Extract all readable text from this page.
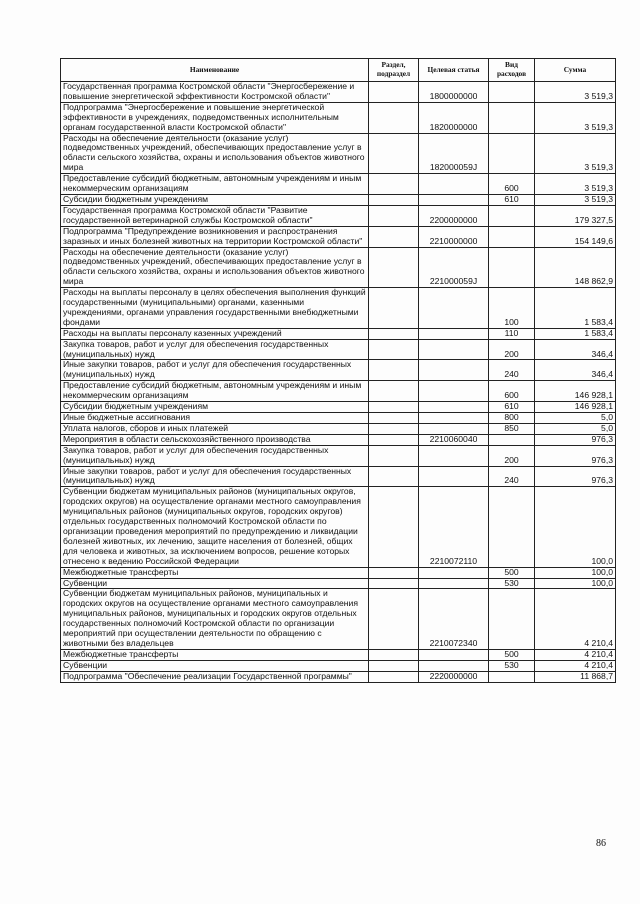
Наименование	Раздел, подраздел	Целевая статья	Вид расходов	Сумма
Государственная программа Костромской области "Энергосбережение и повышение энергетической эффективности Костромской области"		1800000000		3 519,3
Подпрограмма "Энергосбережение и повышение энергетической эффективности в учреждениях, подведомственных исполнительным органам государственной власти Костромской области"		1820000000		3 519,3
Расходы на обеспечение деятельности (оказание услуг) подведомственных учреждений, обеспечивающих предоставление услуг в области сельского хозяйства, охраны и использования объектов животного мира		182000059J		3 519,3
Предоставление субсидий бюджетным, автономным учреждениям и иным некоммерческим организациям			600	3 519,3
Субсидии бюджетным учреждениям			610	3 519,3
Государственная программа Костромской области "Развитие государственной ветеринарной службы Костромской области"		2200000000		179 327,5
Подпрограмма "Предупреждение возникновения и распространения заразных и иных болезней животных на территории Костромской области"		2210000000		154 149,6
Расходы на обеспечение деятельности (оказание услуг) подведомственных учреждений, обеспечивающих предоставление услуг в области сельского хозяйства, охраны и использования объектов животного мира		221000059J		148 862,9
Расходы на выплаты персоналу в целях обеспечения выполнения функций государственными (муниципальными) органами, казенными учреждениями, органами управления государственными внебюджетными фондами			100	1 583,4
Расходы на выплаты персоналу казенных учреждений			110	1 583,4
Закупка товаров, работ и услуг для обеспечения государственных (муниципальных) нужд			200	346,4
Иные закупки товаров, работ и услуг для обеспечения государственных (муниципальных) нужд			240	346,4
Предоставление субсидий бюджетным, автономным учреждениям и иным некоммерческим организациям			600	146 928,1
Субсидии бюджетным учреждениям			610	146 928,1
Иные бюджетные ассигнования			800	5,0
Уплата налогов, сборов и иных платежей			850	5,0
Мероприятия в области сельскохозяйственного производства		2210060040		976,3
Закупка товаров, работ и услуг для обеспечения государственных (муниципальных) нужд			200	976,3
Иные закупки товаров, работ и услуг для обеспечения государственных (муниципальных) нужд			240	976,3
Субвенции бюджетам муниципальных районов (муниципальных округов, городских округов) на осуществление органами местного самоуправления муниципальных районов (муниципальных округов, городских округов) отдельных государственных полномочий Костромской области по организации проведения мероприятий по предупреждению и ликвидации болезней животных, их лечению, защите населения от болезней, общих для человека и животных, за исключением вопросов, решение которых отнесено к ведению Российской Федерации		2210072110		100,0
Межбюджетные трансферты			500	100,0
Субвенции			530	100,0
Субвенции бюджетам муниципальных районов, муниципальных и городских округов на осуществление органами местного самоуправления муниципальных районов, муниципальных и городских округов отдельных государственных полномочий Костромской области по организации мероприятий при осуществлении деятельности по обращению с животными без владельцев		2210072340		4 210,4
Межбюджетные трансферты			500	4 210,4
Субвенции			530	4 210,4
Подпрограмма "Обеспечение реализации Государственной программы"		2220000000		11 868,7
86
